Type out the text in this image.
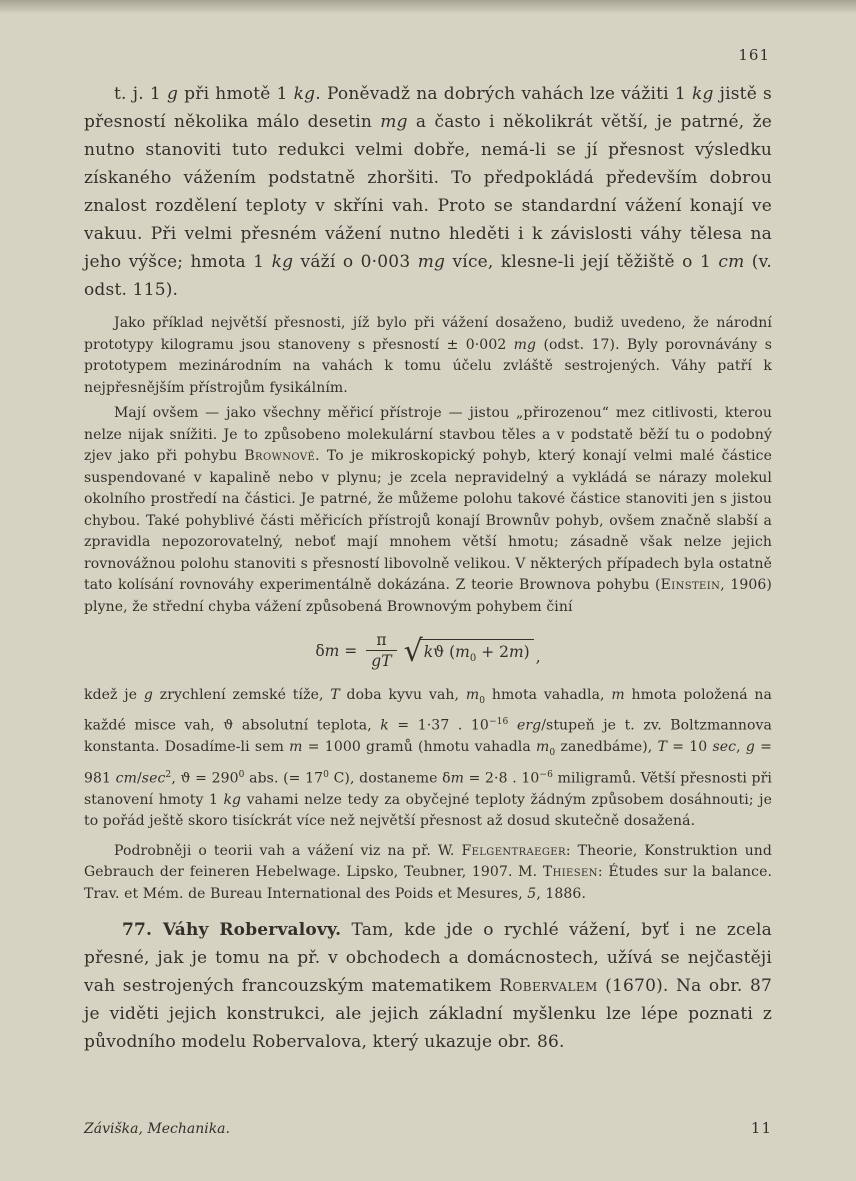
161

t. j. 1 g při hmotě 1 kg. Poněvadž na dobrých vahách lze vážiti 1 kg jistě s přesností několika málo desetin mg a často i několikrát větší, je patrné, že nutno stanoviti tuto redukci velmi dobře, nemá-li se jí přesnost výsledku získaného vážením podstatně zhoršiti. To předpokládá především dobrou znalost rozdělení teploty v skříni vah. Proto se standardní vážení konají ve vakuu. Při velmi přesném vážení nutno hleděti i k závislosti váhy tělesa na jeho výšce; hmota 1 kg váží o 0·003 mg více, klesne-li její těžiště o 1 cm (v. odst. 115).

Jako příklad největší přesnosti, jíž bylo při vážení dosaženo, budiž uvedeno, že národní prototypy kilogramu jsou stanoveny s přesností ± 0·002 mg (odst. 17). Byly porovnávány s prototypem mezinárodním na vahách k tomu účelu zvláště sestrojených. Váhy patří k nejpřesnějším přístrojům fysikálním.

Mají ovšem — jako všechny měřicí přístroje — jistou „přirozenou“ mez citlivosti, kterou nelze nijak snížiti. Je to způsobeno molekulární stavbou těles a v podstatě běží tu o podobný zjev jako při pohybu Brownově. To je mikroskopický pohyb, který konají velmi malé částice suspendované v kapalině nebo v plynu; je zcela nepravidelný a vykládá se nárazy molekul okolního prostředí na částici. Je patrné, že můžeme polohu takové částice stanoviti jen s jistou chybou. Také pohyblivé části měřicích přístrojů konají Brownův pohyb, ovšem značně slabší a zpravidla nepozorovatelný, neboť mají mnohem větší hmotu; zásadně však nelze jejich rovnovážnou polohu stanoviti s přesností libovolně velikou. V některých případech byla ostatně tato kolísání rovnováhy experimentálně dokázána. Z teorie Brownova pohybu (Einstein, 1906) plyne, že střední chyba vážení způsobená Brownovým pohybem činí

$\delta m = \frac{\pi}{gT}$ √ kϑ $(m_0 + 2m)$ ,

kdež je g zrychlení zemské tíže, T doba kyvu vah, $m_0$ hmota vahadla, m hmota položená na každé misce vah, ϑ absolutní teplota, k = 1·37 . $10^{-16}$ erg/stupeň je t. zv. Boltzmannova konstanta. Dosadíme-li sem m = 1000 gramů (hmotu vahadla $m_0$ zanedbáme), T = 10 sec, g = 981 $cm/\sec^2$, $ϑ = 290^0$ abs. (= $17^0$ C), dostaneme δm = 2·8 . $10^{-6}$ miligramů. Větší přesnosti při stanovení hmoty 1 kg vahami nelze tedy za obyčejné teploty žádným způsobem dosáhnouti; je to pořád ještě skoro tisíckrát více než největší přesnost až dosud skutečně dosažená.

Podrobněji o teorii vah a vážení viz na př. W. Felgentraeger: Theorie, Konstruktion und Gebrauch der feineren Hebelwage. Lipsko, Teubner, 1907. M. Thiesen: Études sur la balance. Trav. et Mém. de Bureau International des Poids et Mesures, 5, 1886.

77. Váhy Robervalovy. Tam, kde jde o rychlé vážení, byť i ne zcela přesné, jak je tomu na př. v obchodech a domácnostech, užívá se nejčastěji vah sestrojených francouzským matematikem Robervalem (1670). Na obr. 87 je viděti jejich konstrukci, ale jejich základní myšlenku lze lépe poznati z původního modelu Robervalova, který ukazuje obr. 86.

Záviška, Mechanika.	11
